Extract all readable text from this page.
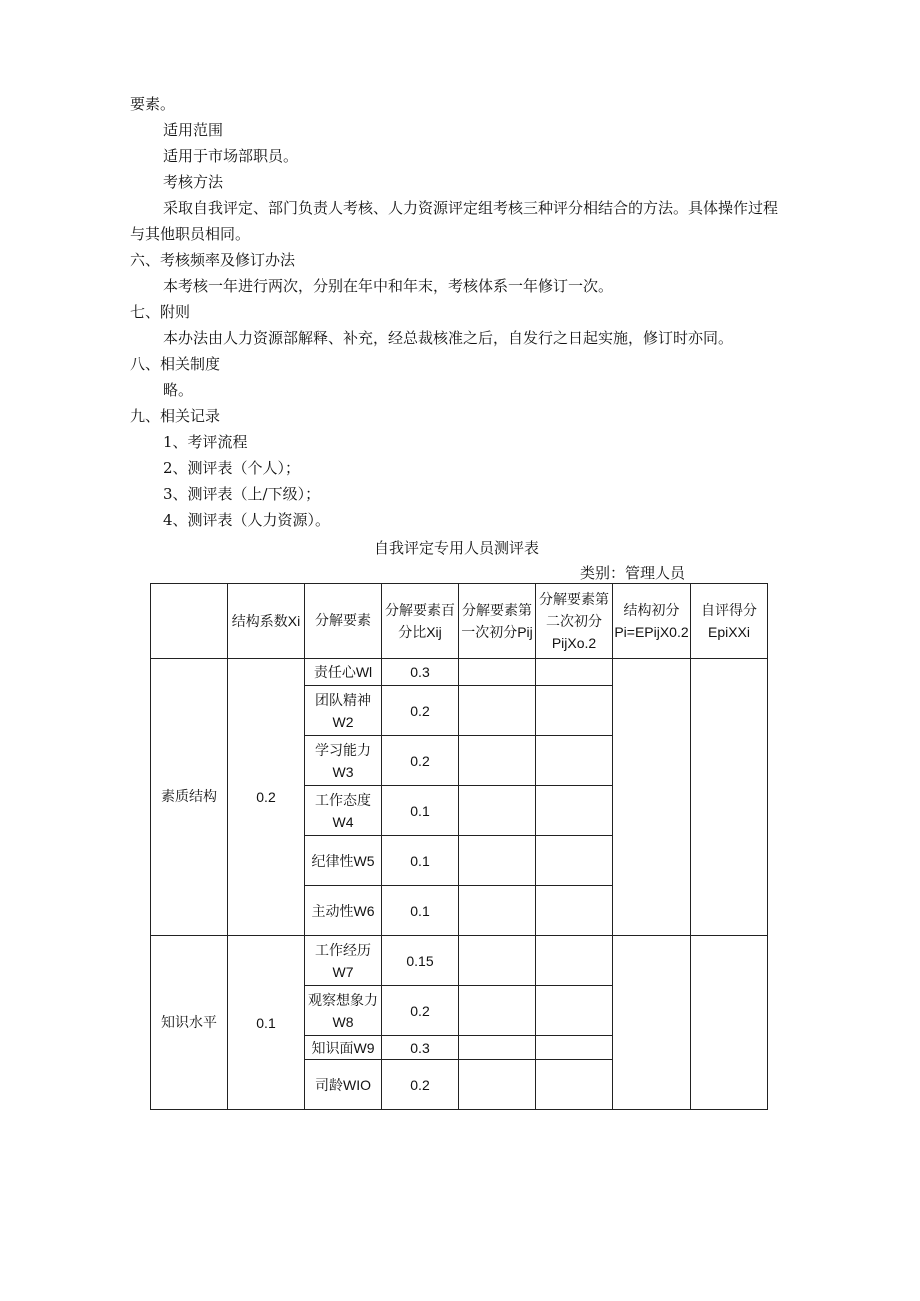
要素。
适用范围
适用于市场部职员。
考核方法
采取自我评定、部门负责人考核、人力资源评定组考核三种评分相结合的方法。具体操作过程
与其他职员相同。
六、考核频率及修订办法
本考核一年进行两次，分别在年中和年末，考核体系一年修订一次。
七、附则
本办法由人力资源部解释、补充，经总裁核准之后，自发行之日起实施，修订时亦同。
八、相关制度
略。
九、相关记录
1、考评流程
2、测评表（个人）；
3、测评表（上/下级）；
4、测评表（人力资源）。
自我评定专用人员测评表
类别：管理人员
	结构系数Xi	分解要素	分解要素百分比Xij	分解要素第一次初分Pij	分解要素第二次初分PijXo.2	结构初分Pi=EPijX0.2	自评得分EpiXXi
素质结构	0.2	责任心Wl	0.3				
		团队精神W2	0.2				
		学习能力W3	0.2				
		工作态度W4	0.1				
		纪律性W5	0.1				
		主动性W6	0.1				
知识水平	0.1	工作经历W7	0.15				
		观察想象力W8	0.2				
		知识面W9	0.3				
		司龄WIO	0.2				
